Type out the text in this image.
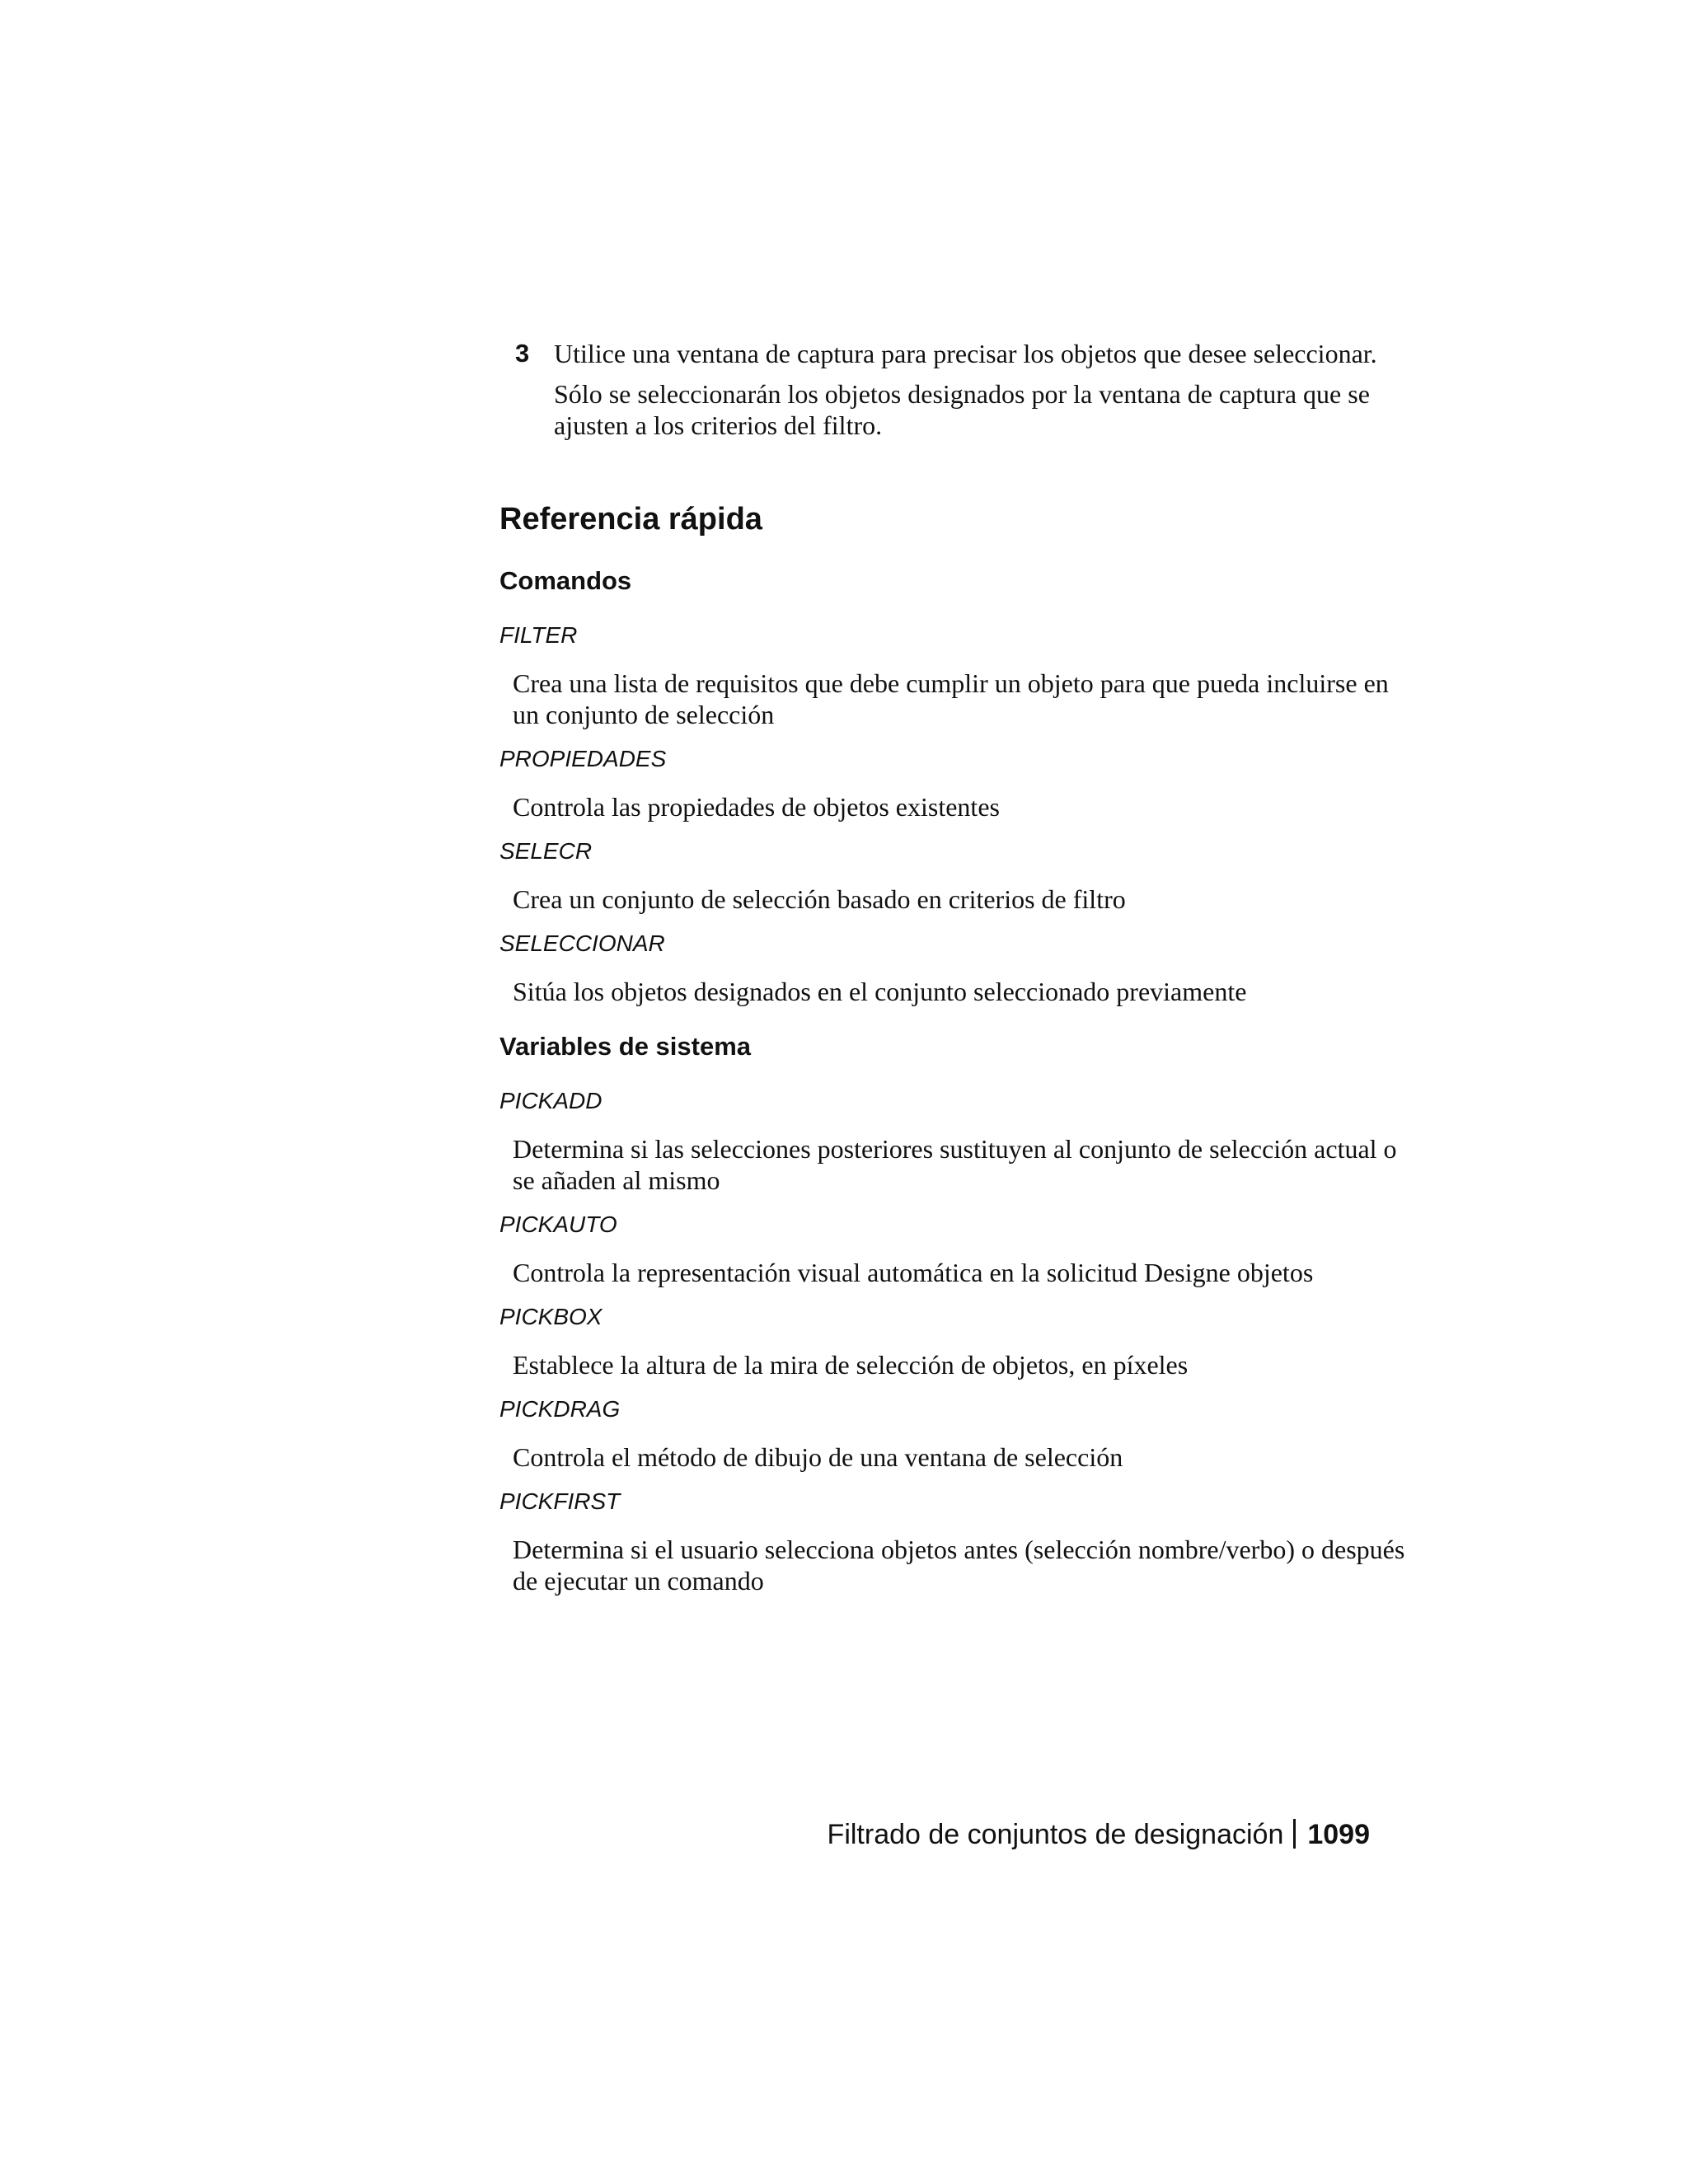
3 Utilice una ventana de captura para precisar los objetos que desee seleccionar.

Sólo se seleccionarán los objetos designados por la ventana de captura que se ajusten a los criterios del filtro.

Referencia rápida
Comandos
FILTER
Crea una lista de requisitos que debe cumplir un objeto para que pueda incluirse en un conjunto de selección
PROPIEDADES
Controla las propiedades de objetos existentes
SELECR
Crea un conjunto de selección basado en criterios de filtro
SELECCIONAR
Sitúa los objetos designados en el conjunto seleccionado previamente
Variables de sistema
PICKADD
Determina si las selecciones posteriores sustituyen al conjunto de selección actual o se añaden al mismo
PICKAUTO
Controla la representación visual automática en la solicitud Designe objetos
PICKBOX
Establece la altura de la mira de selección de objetos, en píxeles
PICKDRAG
Controla el método de dibujo de una ventana de selección
PICKFIRST
Determina si el usuario selecciona objetos antes (selección nombre/verbo) o después de ejecutar un comando
Filtrado de conjuntos de designación 1099
